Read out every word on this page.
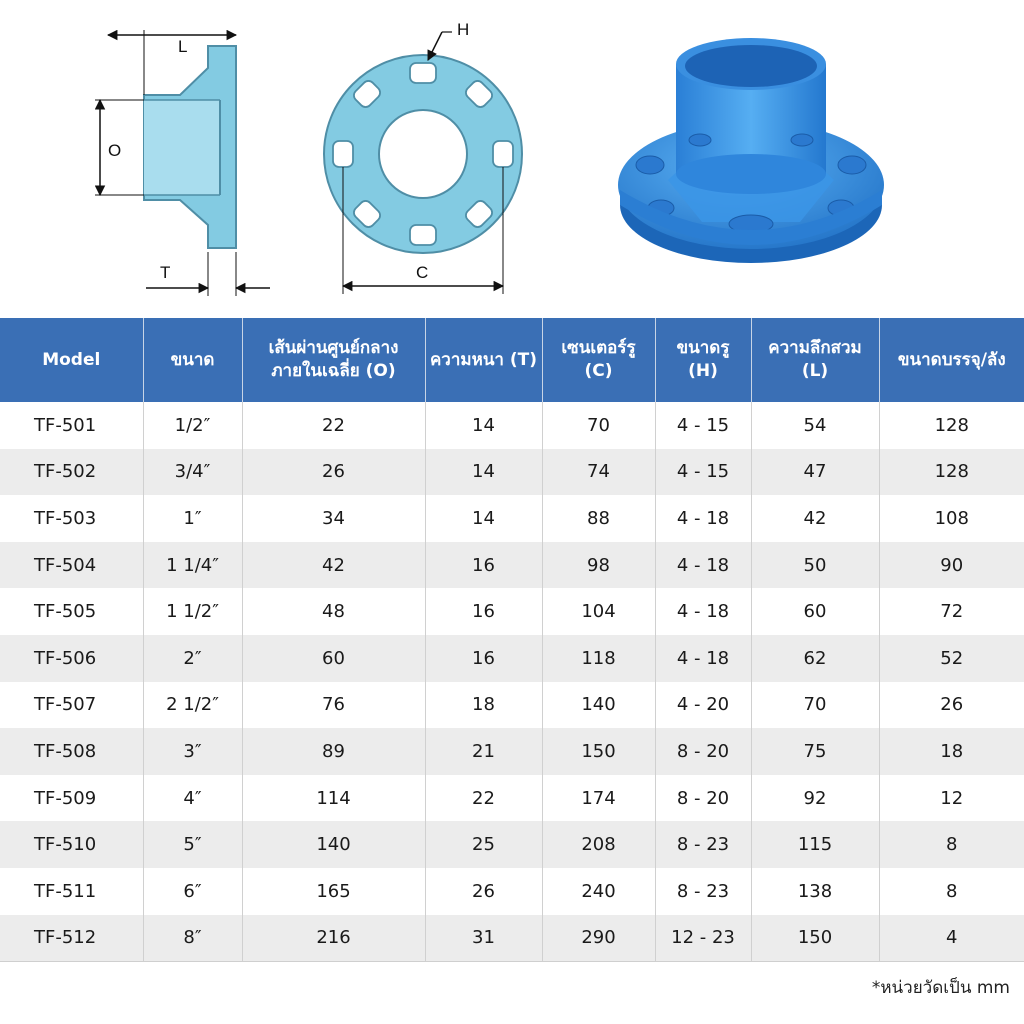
L
O
T
H
C
Model	ขนาด	เส้นผ่านศูนย์กลาง ภายในเฉลี่ย (O)	ความหนา (T)	เซนเตอร์รู (C)	ขนาดรู (H)	ความลึกสวม (L)	ขนาดบรรจุ/ลัง
TF-501	1/2″	22	14	70	4 - 15	54	128
TF-502	3/4″	26	14	74	4 - 15	47	128
TF-503	1″	34	14	88	4 - 18	42	108
TF-504	1 1/4″	42	16	98	4 - 18	50	90
TF-505	1 1/2″	48	16	104	4 - 18	60	72
TF-506	2″	60	16	118	4 - 18	62	52
TF-507	2 1/2″	76	18	140	4 - 20	70	26
TF-508	3″	89	21	150	8 - 20	75	18
TF-509	4″	114	22	174	8 - 20	92	12
TF-510	5″	140	25	208	8 - 23	115	8
TF-511	6″	165	26	240	8 - 23	138	8
TF-512	8″	216	31	290	12 - 23	150	4
*หน่วยวัดเป็น mm
